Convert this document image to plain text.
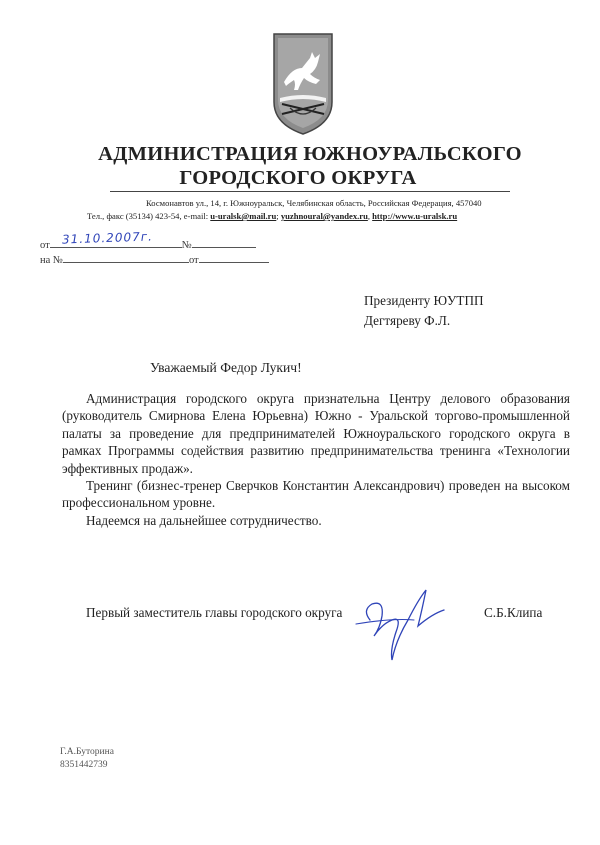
АДМИНИСТРАЦИЯ ЮЖНОУРАЛЬСКОГО
ГОРОДСКОГО ОКРУГА
Космонавтов ул., 14, г. Южноуральск, Челябинская область, Российская Федерация, 457040
Тел., факс (35134) 423-54, e-mail: u-uralsk@mail.ru; yuzhnoural@yandex.ru, http://www.u-uralsk.ru
от	№
31.10.2007г.
на №	от
Президенту ЮУТПП
Дегтяреву Ф.Л.
Уважаемый Федор Лукич!

Администрация городского округа признательна Центру делового образования (руководитель Смирнова Елена Юрьевна) Южно - Уральской торгово-промышленной палаты за проведение для предпринимателей Южноуральского городского округа в рамках Программы содействия развитию предпринимательства тренинга «Технологии эффективных продаж».

Тренинг (бизнес-тренер Сверчков Константин Александрович) проведен на высоком профессиональном уровне.

Надеемся на дальнейшее сотрудничество.

Первый заместитель главы городского округа	С.Б.Клипа
Г.А.Буторина
8351442739
